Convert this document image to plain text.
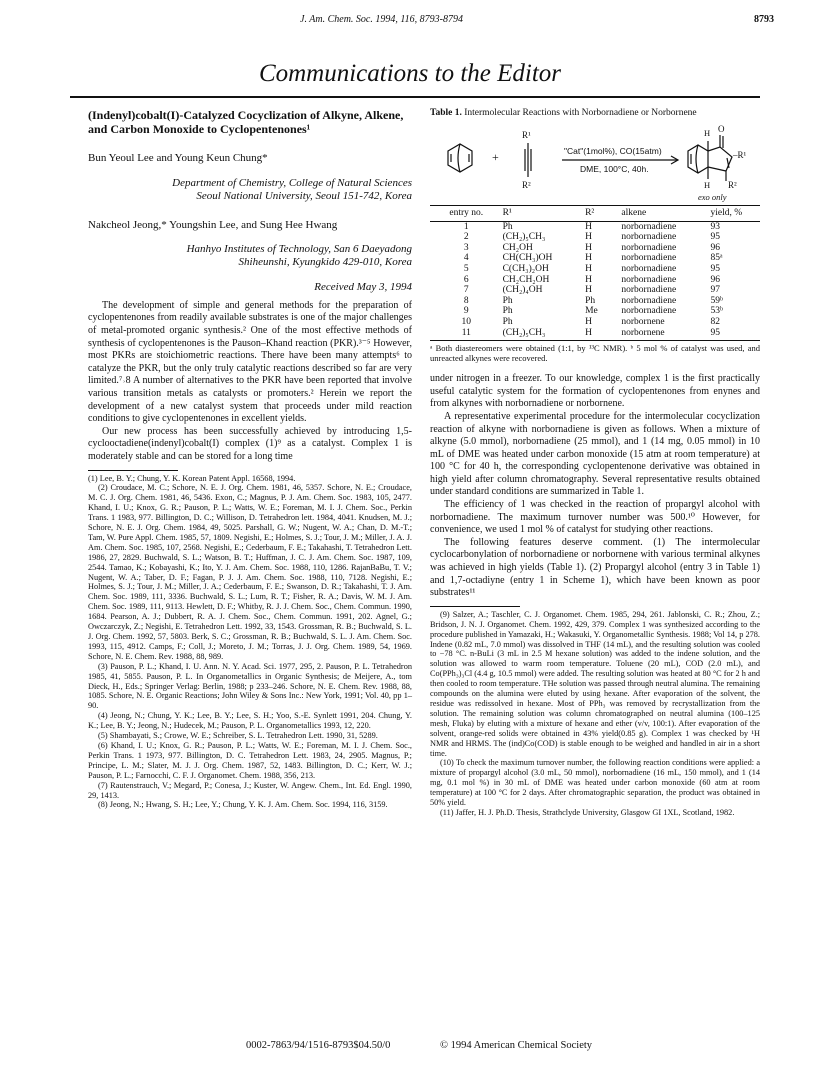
J. Am. Chem. Soc. 1994, 116, 8793-8794	8793
Communications to the Editor

(Indenyl)cobalt(I)-Catalyzed Cocyclization of Alkyne, Alkene, and Carbon Monoxide to Cyclopentenones¹

Bun Yeoul Lee and Young Keun Chung*

Department of Chemistry, College of Natural Sciences
Seoul National University, Seoul 151-742, Korea

Nakcheol Jeong,* Youngshin Lee, and Sung Hee Hwang

Hanhyo Institutes of Technology, San 6 Daeyadong
Shiheunshi, Kyungkido 429-010, Korea

Received May 3, 1994

The development of simple and general methods for the preparation of cyclopentenones from readily available substrates is one of the major challenges of metal-promoted organic synthesis.² One of the most effective methods of synthesis of cyclopentenones is the Pauson–Khand reaction (PKR).³⁻⁵ However, most PKRs are stoichiometric reactions. There have been many attempts⁶ to catalyze the PKR, but the only truly catalytic reactions described so far are very limited.⁷˒8 A number of alternatives to the PKR have been reported that involve various transition metals as catalysts or promoters.² Herein we report the development of a new catalyst system that proceeds under mild reaction conditions to give cyclopentenones in excellent yields.

Our new process has been successfully achieved by introducing 1,5-cyclooctadiene(indenyl)cobalt(I) complex (1)⁹ as a catalyst. Complex 1 is moderately stable and can be stored for a long time

(1) Lee, B. Y.; Chung, Y. K. Korean Patent Appl. 16568, 1994.

(2) Croudace, M. C.; Schore, N. E. J. Org. Chem. 1981, 46, 5357. Schore, N. E.; Croudace, M. C. J. Org. Chem. 1981, 46, 5436. Exon, C.; Magnus, P. J. Am. Chem. Soc. 1983, 105, 2477. Khand, I. U.; Knox, G. R.; Pauson, P. L.; Watts, W. E.; Foreman, M. I. J. Chem. Soc., Perkin Trans. 1 1983, 977. Billington, D. C.; Willison, D. Tetrahedron lett. 1984, 4041. Knudsen, M. J.; Schore, N. E. J. Org. Chem. 1984, 49, 5025. Parshall, G. W.; Nugent, W. A.; Chan, D. M.-T.; Tam, W. Pure Appl. Chem. 1985, 57, 1809. Negishi, E.; Holmes, S. J.; Tour, J. M.; Miller, J. A. J. Am. Chem. Soc. 1985, 107, 2568. Negishi, E.; Cederbaum, F. E.; Takahashi, T. Tetrahedron Lett. 1986, 27, 2829. Buchwald, S. L.; Watson, B. T.; Huffman, J. C. J. Am. Chem. Soc. 1987, 109, 2544. Tamao, K.; Kobayashi, K.; Ito, Y. J. Am. Chem. Soc. 1988, 110, 1286. RajanBaBu, T. V.; Nugent, W. A.; Taber, D. F.; Fagan, P. J. J. Am. Chem. Soc. 1988, 110, 7128. Negishi, E.; Holmes, S. J.; Tour, J. M.; Miller, J. A.; Cederbaum, F. E.; Swanson, D. R.; Takahashi, T. J. Am. Chem. Soc. 1989, 111, 3336. Buchwald, S. L.; Lum, R. T.; Fisher, R. A.; Davis, W. M. J. Am. Chem. Soc. 1989, 111, 9113. Hewlett, D. F.; Whitby, R. J. J. Chem. Soc., Chem. Commun. 1990, 1684. Pearson, A. J.; Dubbert, R. A. J. Chem. Soc., Chem. Commun. 1991, 202. Agnel, G.; Owczarczyk, Z.; Negishi, E. Tetrahedron Lett. 1992, 33, 1543. Grossman, R. B.; Buchwald, S. L. J. Org. Chem. 1992, 57, 5803. Berk, S. C.; Grossman, R. B.; Buchwald, S. L. J. Am. Chem. Soc. 1993, 115, 4912. Camps, F.; Coll, J.; Moreto, J. M.; Torras, J. J. Org. Chem. 1989, 54, 1969. Schore, N. E. Chem. Rev. 1988, 88, 989.

(3) Pauson, P. L.; Khand, I. U. Ann. N. Y. Acad. Sci. 1977, 295, 2. Pauson, P. L. Tetrahedron 1985, 41, 5855. Pauson, P. L. In Organometallics in Organic Synthesis; de Meijere, A., tom Dieck, H., Eds.; Springer Verlag: Berlin, 1988; p 233–246. Schore, N. E. Chem. Rev. 1988, 88, 1085. Schore, N. E. Organic Reactions; John Wiley & Sons Inc.: New York, 1991; Vol. 40, pp 1–90.

(4) Jeong, N.; Chung, Y. K.; Lee, B. Y.; Lee, S. H.; Yoo, S.-E. Synlett 1991, 204. Chung, Y. K.; Lee, B. Y.; Jeong, N.; Hudecek, M.; Pauson, P. L. Organometallics 1993, 12, 220.

(5) Shambayati, S.; Crowe, W. E.; Schreiber, S. L. Tetrahedron Lett. 1990, 31, 5289.

(6) Khand, I. U.; Knox, G. R.; Pauson, P. L.; Watts, W. E.; Foreman, M. I. J. Chem. Soc., Perkin Trans. 1 1973, 977. Billington, D. C. Tetrahedron Lett. 1983, 24, 2905. Magnus, P.; Principe, L. M.; Slater, M. J. J. Org. Chem. 1987, 52, 1483. Billington, D. C.; Kerr, W. J.; Pauson, P. L.; Farnocchi, C. F. J. Organomet. Chem. 1988, 356, 213.

(7) Rautenstrauch, V.; Megard, P.; Conesa, J.; Kuster, W. Angew. Chem., Int. Ed. Engl. 1990, 29, 1413.

(8) Jeong, N.; Hwang, S. H.; Lee, Y.; Chung, Y. K. J. Am. Chem. Soc. 1994, 116, 3159.

Table 1. Intermolecular Reactions with Norbornadiene or Norbornene

+
R¹
R²
"Cat"(1mol%), CO(15atm)
DME, 100°C, 40h.
H O
–R¹
H R²
exo only
entry no.	R¹	R²	alkene	yield, %
1	Ph	H	norbornadiene	93
2	(CH₂)₅CH₃	H	norbornadiene	95
3	CH₂OH	H	norbornadiene	96
4	CH(CH₃)OH	H	norbornadiene	85ᵃ
5	C(CH₃)₂OH	H	norbornadiene	95
6	CH₂CH₂OH	H	norbornadiene	96
7	(CH₂)₄OH	H	norbornadiene	97
8	Ph	Ph	norbornadiene	59ᵇ
9	Ph	Me	norbornadiene	53ᵇ
10	Ph	H	norbornene	82
11	(CH₂)₅CH₃	H	norbornene	95

ᵃ Both diastereomers were obtained (1:1, by ¹³C NMR). ᵇ 5 mol % of catalyst was used, and unreacted alkynes were recovered.

under nitrogen in a freezer. To our knowledge, complex 1 is the first practically useful catalytic system for the formation of cyclopentenones from enynes and from alkynes with norbornadiene or norbornene.

A representative experimental procedure for the intermolecular cocyclization reaction of alkyne with norbornadiene is given as follows. When a mixture of alkyne (5.0 mmol), norbornadiene (25 mmol), and 1 (14 mg, 0.05 mmol) in 10 mL of DME was heated under carbon monoxide (15 atm at room temperature) at 100 °C for 40 h, the corresponding cyclopentenone derivative was obtained in high yield after column chromatography. Several representative results obtained under standard conditions are summarized in Table 1.

The efficiency of 1 was checked in the reaction of propargyl alcohol with norbornadiene. The maximum turnover number was 500.¹⁰ However, for convenience, we used 1 mol % of catalyst for studying other reactions.

The following features deserve comment. (1) The intermolecular cyclocarbonylation of norbornadiene or norbornene with various terminal alkynes was achieved in high yields (Table 1). (2) Propargyl alcohol (entry 3 in Table 1) and 1,7-octadiyne (entry 1 in Scheme 1), which have been known as poor substrates¹¹

(9) Salzer, A.; Taschler, C. J. Organomet. Chem. 1985, 294, 261. Jablonski, C. R.; Zhou, Z.; Bridson, J. N. J. Organomet. Chem. 1992, 429, 379. Complex 1 was synthesized according to the procedure published in Yamazaki, H.; Wakasuki, Y. Organometallic Synthesis. 1988; Vol 14, p 278. Indene (0.82 mL, 7.0 mmol) was dissolved in THF (14 mL), and the resulting solution was cooled to −78 °C. n-BuLi (3 mL in 2.5 M hexane solution) was added to the indene solution, and the solution was allowed to warm room temperature. Toluene (20 mL), COD (2.0 mL), and Co(PPh₃)₃Cl (4.4 g, 10.5 mmol) were added. The resulting solution was heated at 80 °C for 2 h and then cooled to room temperature. THe solution was passed through neutral alumina. The remaining compounds on the alumina were eluted by using hexane. After evaporation of the solvent, the residue was redissolved in hexane. Most of PPh₃ was removed by recrystallization from the solution. The remaining solution was column chromatographed on neutral alumina (100–125 mesh, Fluka) by eluting with a mixture of hexane and ether (v/v, 100:1). After evaporation of the solvent, orange-red solids were obtained in 43% yield(0.85 g). Complex 1 was checked by ¹H NMR and HRMS. The (ind)Co(COD) is stable enough to be weighed and handled in air in a short time.

(10) To check the maximum turnover number, the following reaction conditions were applied: a mixture of propargyl alcohol (3.0 mL, 50 mmol), norbornadiene (16 mL, 150 mmol), and 1 (14 mg, 0.1 mol %) in 30 mL of DME was heated under carbon monoxide (60 atm at room temperature) at 100 °C for 2 days. After chromatographic separation, the product was obtained in 50% yield.

(11) Jaffer, H. J. Ph.D. Thesis, Strathclyde University, Glasgow GI 1XL, Scotland, 1982.

0002-7863/94/1516-8793$04.50/0	© 1994 American Chemical Society
